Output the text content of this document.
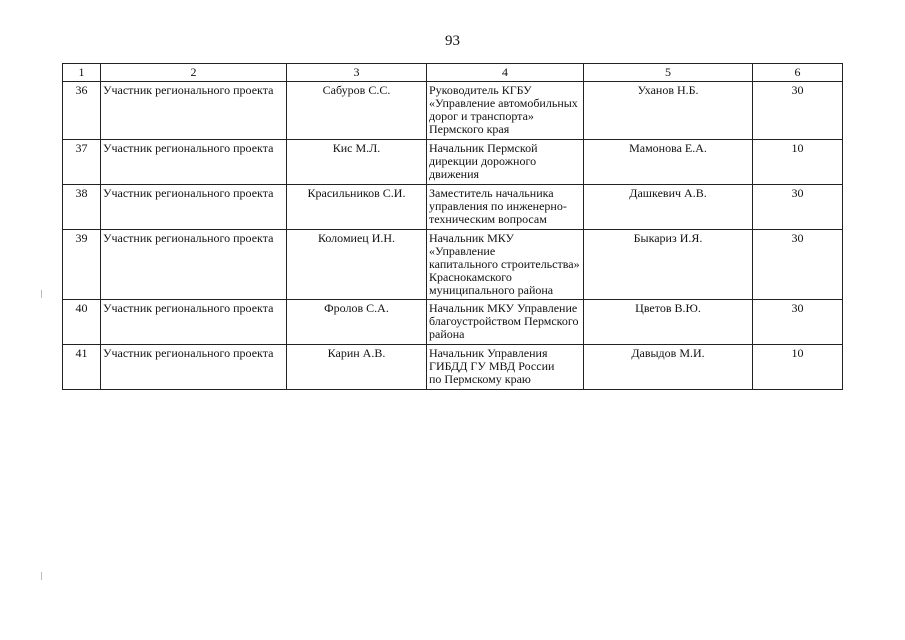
93
1	2	3	4	5	6
36	Участник регионального проекта	Сабуров С.С.	Руководитель КГБУ
«Управление автомобильных
дорог и транспорта»
Пермского края	Уханов Н.Б.	30
37	Участник регионального проекта	Кис М.Л.	Начальник Пермской
дирекции дорожного
движения	Мамонова Е.А.	10
38	Участник регионального проекта	Красильников С.И.	Заместитель начальника
управления по инженерно-
техническим вопросам	Дашкевич А.В.	30
39	Участник регионального проекта	Коломиец И.Н.	Начальник МКУ «Управление
капитального строительства»
Краснокамского
муниципального района	Быкариз И.Я.	30
40	Участник регионального проекта	Фролов С.А.	Начальник МКУ Управление
благоустройством Пермского
района	Цветов В.Ю.	30
41	Участник регионального проекта	Карин А.В.	Начальник Управления
ГИБДД ГУ МВД России
по Пермскому краю	Давыдов М.И.	10
